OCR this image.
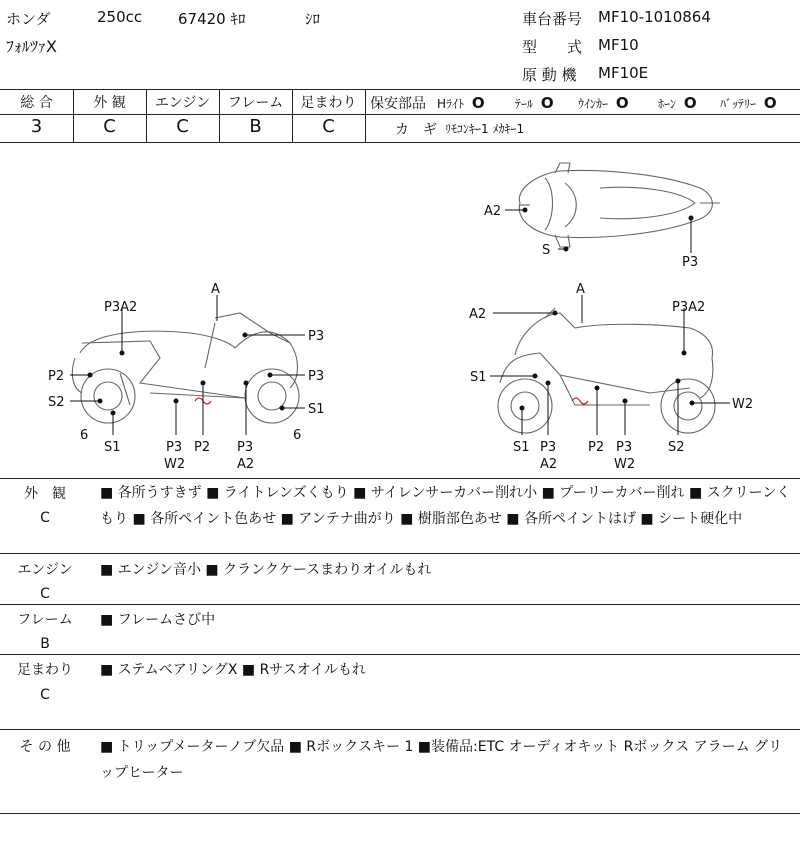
ホンダ	250cc 67420 ｷﾛ	ｼﾛ
ﾌｫﾙﾂｧX
車台番号 MF10-1010864
型　　式 MF10
原 動 機 MF10E
総 合	外 観	エンジン	フレーム	足まわり
3	C	C	B	C
保安部品 Hﾗｲﾄ O	ﾃｰﾙ O ｳｲﾝｶｰ O ﾎｰﾝ O ﾊﾞｯﾃﾘｰ O
カ　ギ ﾘﾓｺﾝｷｰ1 ﾒｶｷｰ1
A2
S
P3
A
P3A2
P3
P2	P3
S2	S1
6
S1	P3
W2
P2 P3
A2
6
A
A2	P3A2
S1
W2
S1 P3
A2
P2 P3
W2
S2
外　観
C
■ 各所うすきず ■ ライトレンズくもり ■ サイレンサーカバー削れ小 ■ プーリーカバー削れ ■ スクリーンくもり ■ 各所ペイント色あせ ■ アンテナ曲がり ■ 樹脂部色あせ ■ 各所ペイントはげ ■ シート硬化中
エンジン
C
■ エンジン音小 ■ クランクケースまわりオイルもれ
フレーム
B
■ フレームさび中
足まわり
C
■ ステムベアリングX ■ Rサスオイルもれ
そ の 他	■ トリップメーターノブ欠品 ■ Rボックスキー 1 ■装備品:ETC オーディオキット Rボックス アラーム グリップヒーター
